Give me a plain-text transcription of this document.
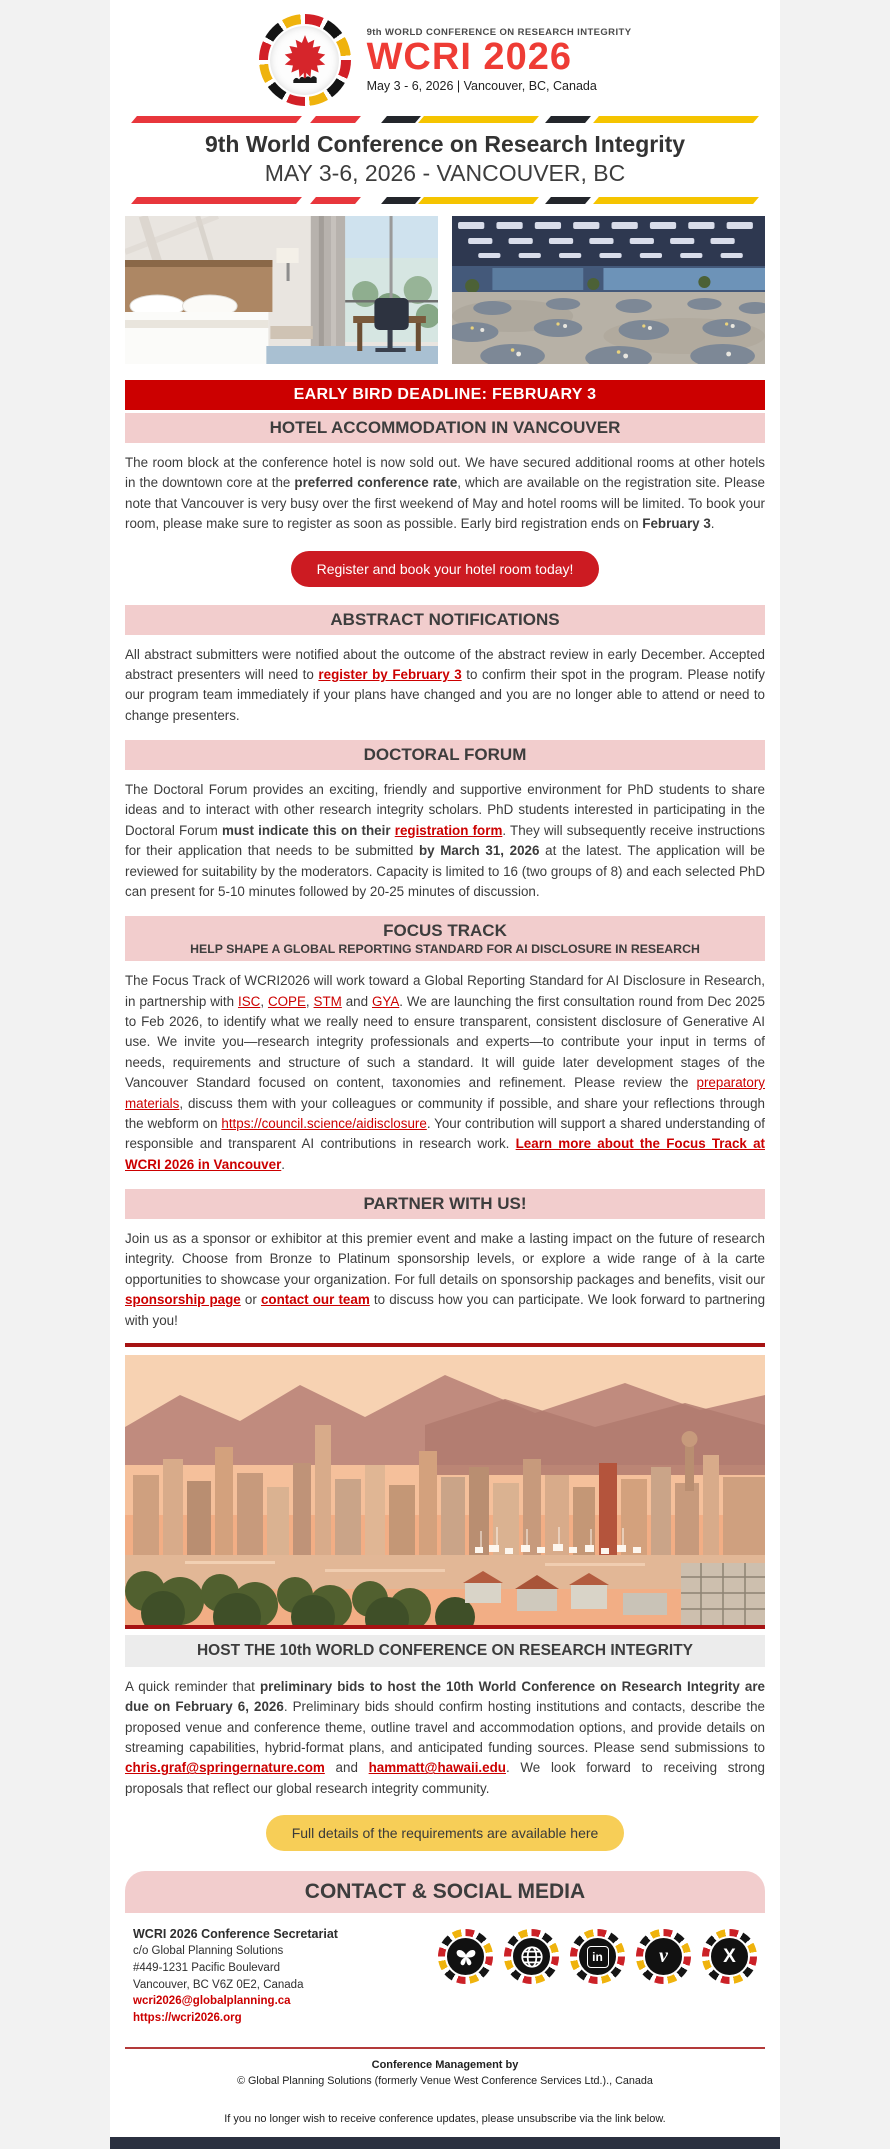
9th WORLD CONFERENCE ON RESEARCH INTEGRITY
WCRI 2026
May 3 - 6, 2026 | Vancouver, BC, Canada
9th World Conference on Research Integrity
MAY 3-6, 2026 - VANCOUVER, BC
EARLY BIRD DEADLINE: FEBRUARY 3
HOTEL ACCOMMODATION IN VANCOUVER

The room block at the conference hotel is now sold out. We have secured additional rooms at other hotels in the downtown core at the preferred conference rate, which are available on the registration site. Please note that Vancouver is very busy over the first weekend of May and hotel rooms will be limited. To book your room, please make sure to register as soon as possible. Early bird registration ends on February 3.

Register and book your hotel room today!
ABSTRACT NOTIFICATIONS

All abstract submitters were notified about the outcome of the abstract review in early December. Accepted abstract presenters will need to register by February 3 to confirm their spot in the program. Please notify our program team immediately if your plans have changed and you are no longer able to attend or need to change presenters.

DOCTORAL FORUM

The Doctoral Forum provides an exciting, friendly and supportive environment for PhD students to share ideas and to interact with other research integrity scholars. PhD students interested in participating in the Doctoral Forum must indicate this on their registration form. They will subsequently receive instructions for their application that needs to be submitted by March 31, 2026 at the latest. The application will be reviewed for suitability by the moderators. Capacity is limited to 16 (two groups of 8) and each selected PhD can present for 5-10 minutes followed by 20-25 minutes of discussion.

FOCUS TRACK
HELP SHAPE A GLOBAL REPORTING STANDARD FOR AI DISCLOSURE IN RESEARCH

The Focus Track of WCRI2026 will work toward a Global Reporting Standard for AI Disclosure in Research, in partnership with ISC, COPE, STM and GYA. We are launching the first consultation round from Dec 2025 to Feb 2026, to identify what we really need to ensure transparent, consistent disclosure of Generative AI use. We invite you—research integrity professionals and experts—to contribute your input in terms of needs, requirements and structure of such a standard. It will guide later development stages of the Vancouver Standard focused on content, taxonomies and refinement. Please review the preparatory materials, discuss them with your colleagues or community if possible, and share your reflections through the webform on https://council.science/aidisclosure. Your contribution will support a shared understanding of responsible and transparent AI contributions in research work. Learn more about the Focus Track at WCRI 2026 in Vancouver.

PARTNER WITH US!

Join us as a sponsor or exhibitor at this premier event and make a lasting impact on the future of research integrity. Choose from Bronze to Platinum sponsorship levels, or explore a wide range of à la carte opportunities to showcase your organization. For full details on sponsorship packages and benefits, visit our sponsorship page or contact our team to discuss how you can participate. We look forward to partnering with you!

HOST THE 10th WORLD CONFERENCE ON RESEARCH INTEGRITY

A quick reminder that preliminary bids to host the 10th World Conference on Research Integrity are due on February 6, 2026. Preliminary bids should confirm hosting institutions and contacts, describe the proposed venue and conference theme, outline travel and accommodation options, and provide details on streaming capabilities, hybrid-format plans, and anticipated funding sources. Please send submissions to chris.graf@springernature.com and hammatt@hawaii.edu. We look forward to receiving strong proposals that reflect our global research integrity community.

Full details of the requirements are available here
CONTACT & SOCIAL MEDIA
WCRI 2026 Conference Secretariat
c/o Global Planning Solutions
#449-1231 Pacific Boulevard
Vancouver, BC V6Z 0E2, Canada
wcri2026@globalplanning.ca
https://wcri2026.org
in	v	X
Conference Management by
© Global Planning Solutions (formerly Venue West Conference Services Ltd.)., Canada
If you no longer wish to receive conference updates, please unsubscribe via the link below.
